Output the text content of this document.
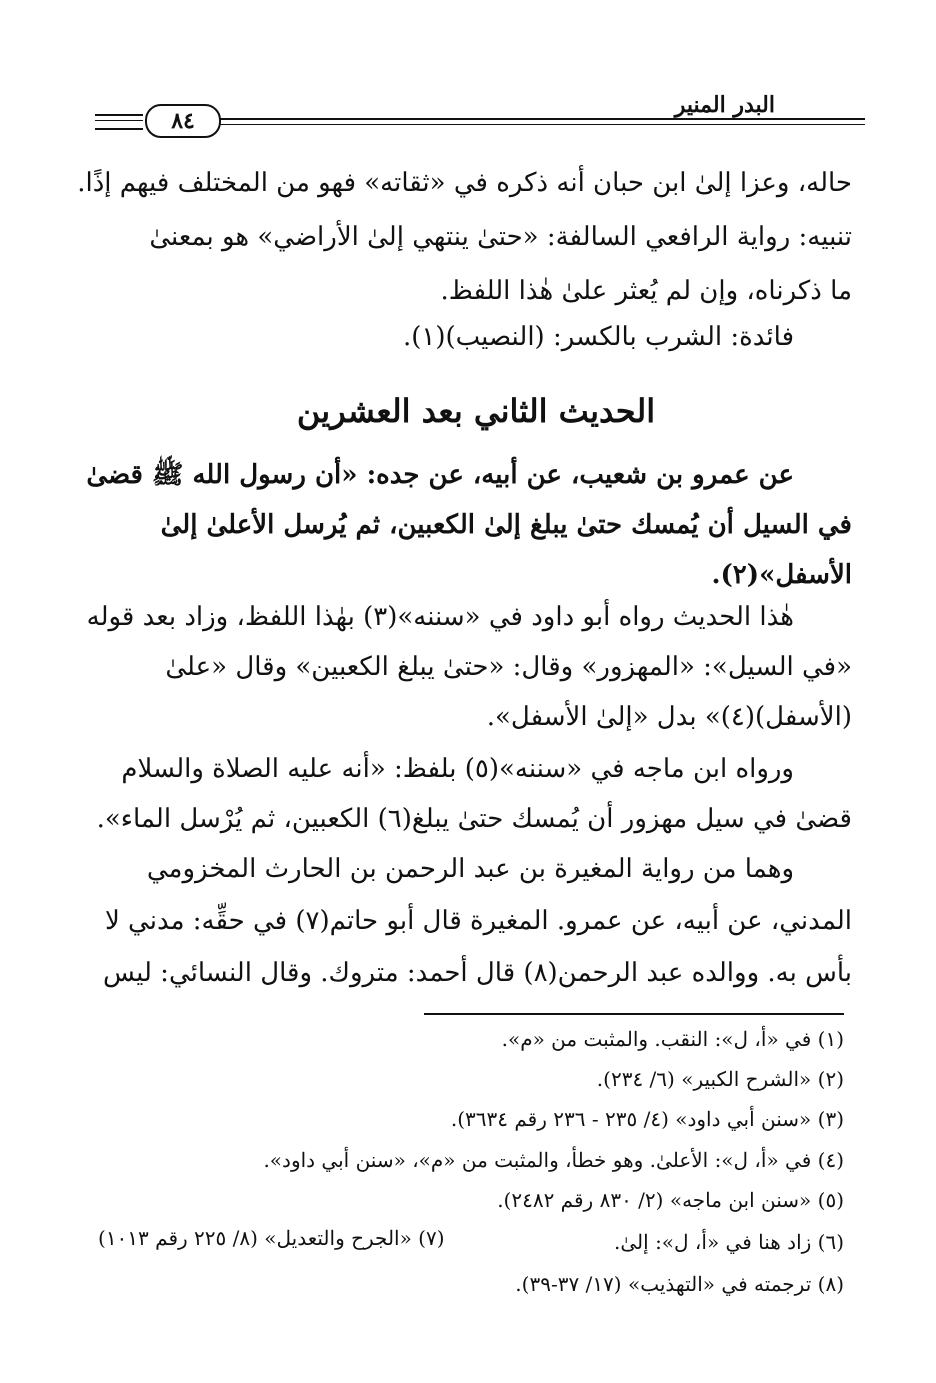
البدر المنير
٨٤
حاله، وعزا إلىٰ ابن حبان أنه ذكره في «ثقاته» فهو من المختلف فيهم إذًا.
تنبيه: رواية الرافعي السالفة: «حتىٰ ينتهي إلىٰ الأراضي» هو بمعنىٰ
ما ذكرناه، وإن لم يُعثر علىٰ هٰذا اللفظ.
فائدة: الشرب بالكسر: (النصيب)(١).
الحديث الثاني بعد العشرين
عن عمرو بن شعيب، عن أبيه، عن جده: «أن رسول الله ﷺ قضىٰ
في السيل أن يُمسك حتىٰ يبلغ إلىٰ الكعبين، ثم يُرسل الأعلىٰ إلىٰ
الأسفل»(٢).
هٰذا الحديث رواه أبو داود في «سننه»(٣) بهٰذا اللفظ، وزاد بعد قوله
«في السيل»: «المهزور» وقال: «حتىٰ يبلغ الكعبين» وقال «علىٰ
(الأسفل)(٤)» بدل «إلىٰ الأسفل».
ورواه ابن ماجه في «سننه»(٥) بلفظ: «أنه عليه الصلاة والسلام
قضىٰ في سيل مهزور أن يُمسك حتىٰ يبلغ(٦) الكعبين، ثم يُرْسل الماء».
وهما من رواية المغيرة بن عبد الرحمن بن الحارث المخزومي
المدني، عن أبيه، عن عمرو. المغيرة قال أبو حاتم(٧) في حقِّه: مدني لا
بأس به. ووالده عبد الرحمن(٨) قال أحمد: متروك. وقال النسائي: ليس
(١) في «أ، ل»: النقب. والمثبت من «م».
(٢) «الشرح الكبير» (٦/ ٢٣٤).
(٣) «سنن أبي داود» (٤/ ٢٣٥ - ٢٣٦ رقم ٣٦٣٤).
(٤) في «أ، ل»: الأعلىٰ. وهو خطأ، والمثبت من «م»، «سنن أبي داود».
(٥) «سنن ابن ماجه» (٢/ ٨٣٠ رقم ٢٤٨٢).
(٦) زاد هنا في «أ، ل»: إلىٰ.
(٧) «الجرح والتعديل» (٨/ ٢٢٥ رقم ١٠١٣)
(٨) ترجمته في «التهذيب» (١٧/ ٣٧-٣٩).
